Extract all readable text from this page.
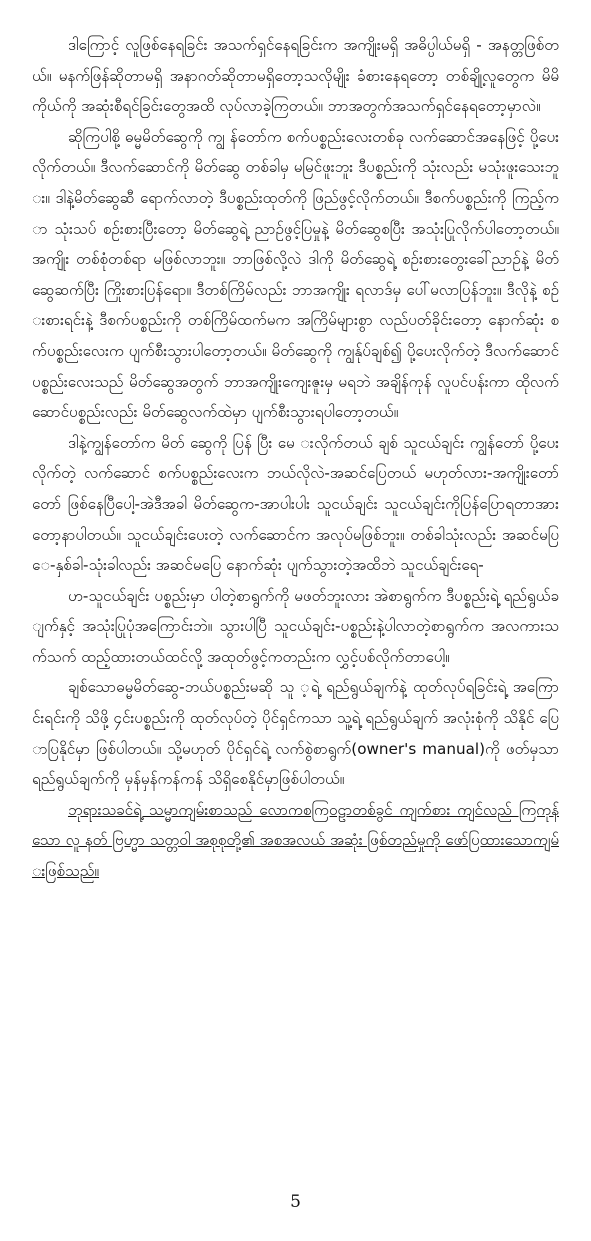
ဒါကြောင့် လူဖြစ်နေရခြင်း အသက်ရှင်နေရခြင်းက အကျိုးမရှိ အဓိပ္ပါယ်မရှိ - အနတ္တဖြစ်တယ်။ မနက်ဖြန်ဆိုတာမရှိ အနာဂတ်ဆိုတာမရှိတော့သလိုမျိုး ခံစားနေရတော့ တစ်ချို့လူတွေက မိမိကိုယ်ကို အဆုံးစီရင်ခြင်းတွေအထိ လုပ်လာခဲ့ကြတယ်။ ဘာအတွက်အသက်ရှင်နေရတော့မှာလဲ။

ဆိုကြပါစို့ ဓမ္မမိတ်ဆွေကို ကျွ န်တော်က စက်ပစ္စည်းလေးတစ်ခု လက်ဆောင်အနေဖြင့် ပို့ပေးလိုက်တယ်။ ဒီလက်ဆောင်ကို မိတ်ဆွေ တစ်ခါမှ မမြင်ဖူးဘူး ဒီပစ္စည်းကို သုံးလည်း မသုံးဖူးသေးဘူး။ ဒါနဲ့မိတ်ဆွေဆီ ရောက်လာတဲ့ ဒီပစ္စည်းထုတ်ကို ဖြည်ဖွင့်လိုက်တယ်။ ဒီစက်ပစ္စည်းကို ကြည့်ကာ သုံးသပ် စဉ်းစားပြီးတော့ မိတ်ဆွေရဲ့ ညာဥ်ဖွင့်ပြမှုနဲ့ မိတ်ဆွေစပြီး အသုံးပြုလိုက်ပါတော့တယ်။ အကျိုး တစ်စုံတစ်ရာ မဖြစ်လာဘူး။ ဘာဖြစ်လို့လဲ ဒါကို မိတ်ဆွေရဲ့ စဉ်းစားတွေးခေါ်ညာဥ်နဲ့ မိတ်ဆွေဆက်ပြီး ကြိုးစားပြန်ရော။ ဒီတစ်ကြိမ်လည်း ဘာအကျိုး ရလာဒ်မှ ပေါ်မလာပြန်ဘူး။ ဒီလိုနဲ့ စဉ်းစားရင်းနဲ့ ဒီစက်ပစ္စည်းကို တစ်ကြိမ်ထက်မက အကြိမ်များစွာ လည်ပတ်ခိုင်းတော့ နောက်ဆုံး စက်ပစ္စည်းလေးက ပျက်စီးသွားပါတော့တယ်။ မိတ်ဆွေကို ကျွန်ုပ်ချစ်၍ ပို့ပေးလိုက်တဲ့ ဒီလက်ဆောင်ပစ္စည်းလေးသည် မိတ်ဆွေအတွက် ဘာအကျိုးကျေးဇူးမှ မရဘဲ အချိန်ကုန် လူပင်ပန်းကာ ထိုလက်ဆောင်ပစ္စည်းလည်း မိတ်ဆွေလက်ထဲမှာ ပျက်စီးသွားရပါတော့တယ်။

ဒါနဲ့ကျွန်တော်က မိတ် ဆွေကို ပြန် ပြီး မေ းလိုက်တယ် ချစ် သူငယ်ချင်း ကျွန်တော် ပို့ပေးလိုက်တဲ့ လက်ဆောင် စက်ပစ္စည်းလေးက ဘယ်လိုလဲ-အဆင်ပြေတယ် မဟုတ်လား-အကျိုးတော်တော် ဖြစ်နေပြီပေါ့-အဲဒီအခါ မိတ်ဆွေက-အာပါးပါး သူငယ်ချင်း သူငယ်ချင်းကိုပြန်ပြောရတာအားတော့နာပါတယ်။ သူငယ်ချင်းပေးတဲ့ လက်ဆောင်က အလုပ်မဖြစ်ဘူး။ တစ်ခါသုံးလည်း အဆင်မပြေ-နှစ်ခါ-သုံးခါလည်း အဆင်မပြေ နောက်ဆုံး ပျက်သွားတဲ့အထိဘဲ သူငယ်ချင်းရေ-

ဟ-သူငယ်ချင်း ပစ္စည်းမှာ ပါတဲ့စာရွက်ကို မဖတ်ဘူးလား အဲစာရွက်က ဒီပစ္စည်းရဲ့ ရည်ရွယ်ချက်နှင့် အသုံးပြုပုံအကြောင်းဘဲ။ သွားပါပြီ သူငယ်ချင်း-ပစ္စည်းနဲ့ပါလာတဲ့စာရွက်က အလကားသက်သက် ထည့်ထားတယ်ထင်လို့ အထုတ်ဖွင့်ကတည်းက လွှင့်ပစ်လိုက်တာပေါ့။

ချစ်သောဓမ္မမိတ်ဆွေ-ဘယ်ပစ္စည်းမဆို သူ ့ရဲ့ ရည်ရွယ်ချက်နဲ့ ထုတ်လုပ်ရခြင်းရဲ့ အကြောင်းရင်းကို သိဖို့ ၄င်းပစ္စည်းကို ထုတ်လုပ်တဲ့ ပိုင်ရှင်ကသာ သူ့ရဲ့ ရည်ရွယ်ချက် အလုံးစုံကို သိနိုင် ပြောပြနိုင်မှာ ဖြစ်ပါတယ်။ သို့မဟုတ် ပိုင်ရှင်ရဲ့ လက်စွဲစာရွက်(owner's manual)ကို ဖတ်မှသာ ရည်ရွယ်ချက်ကို မှန်မှန်ကန်ကန် သိရှိစေနိုင်မှာဖြစ်ပါတယ်။

ဘုရားသခင်ရဲ့ သမ္မာကျမ်းစာသည် လောကစကြဝဠာတစ်ခွင် ကျက်စား ကျင်လည် ကြကုန်သော လူ နတ် ဗြဟ္မာ သတ္တဝါ အစုစုတို့၏ အစအလယ် အဆုံး ဖြစ်တည်မှုကို ဖော်ပြထားသောကျမ်းဖြစ်သည်။

5
